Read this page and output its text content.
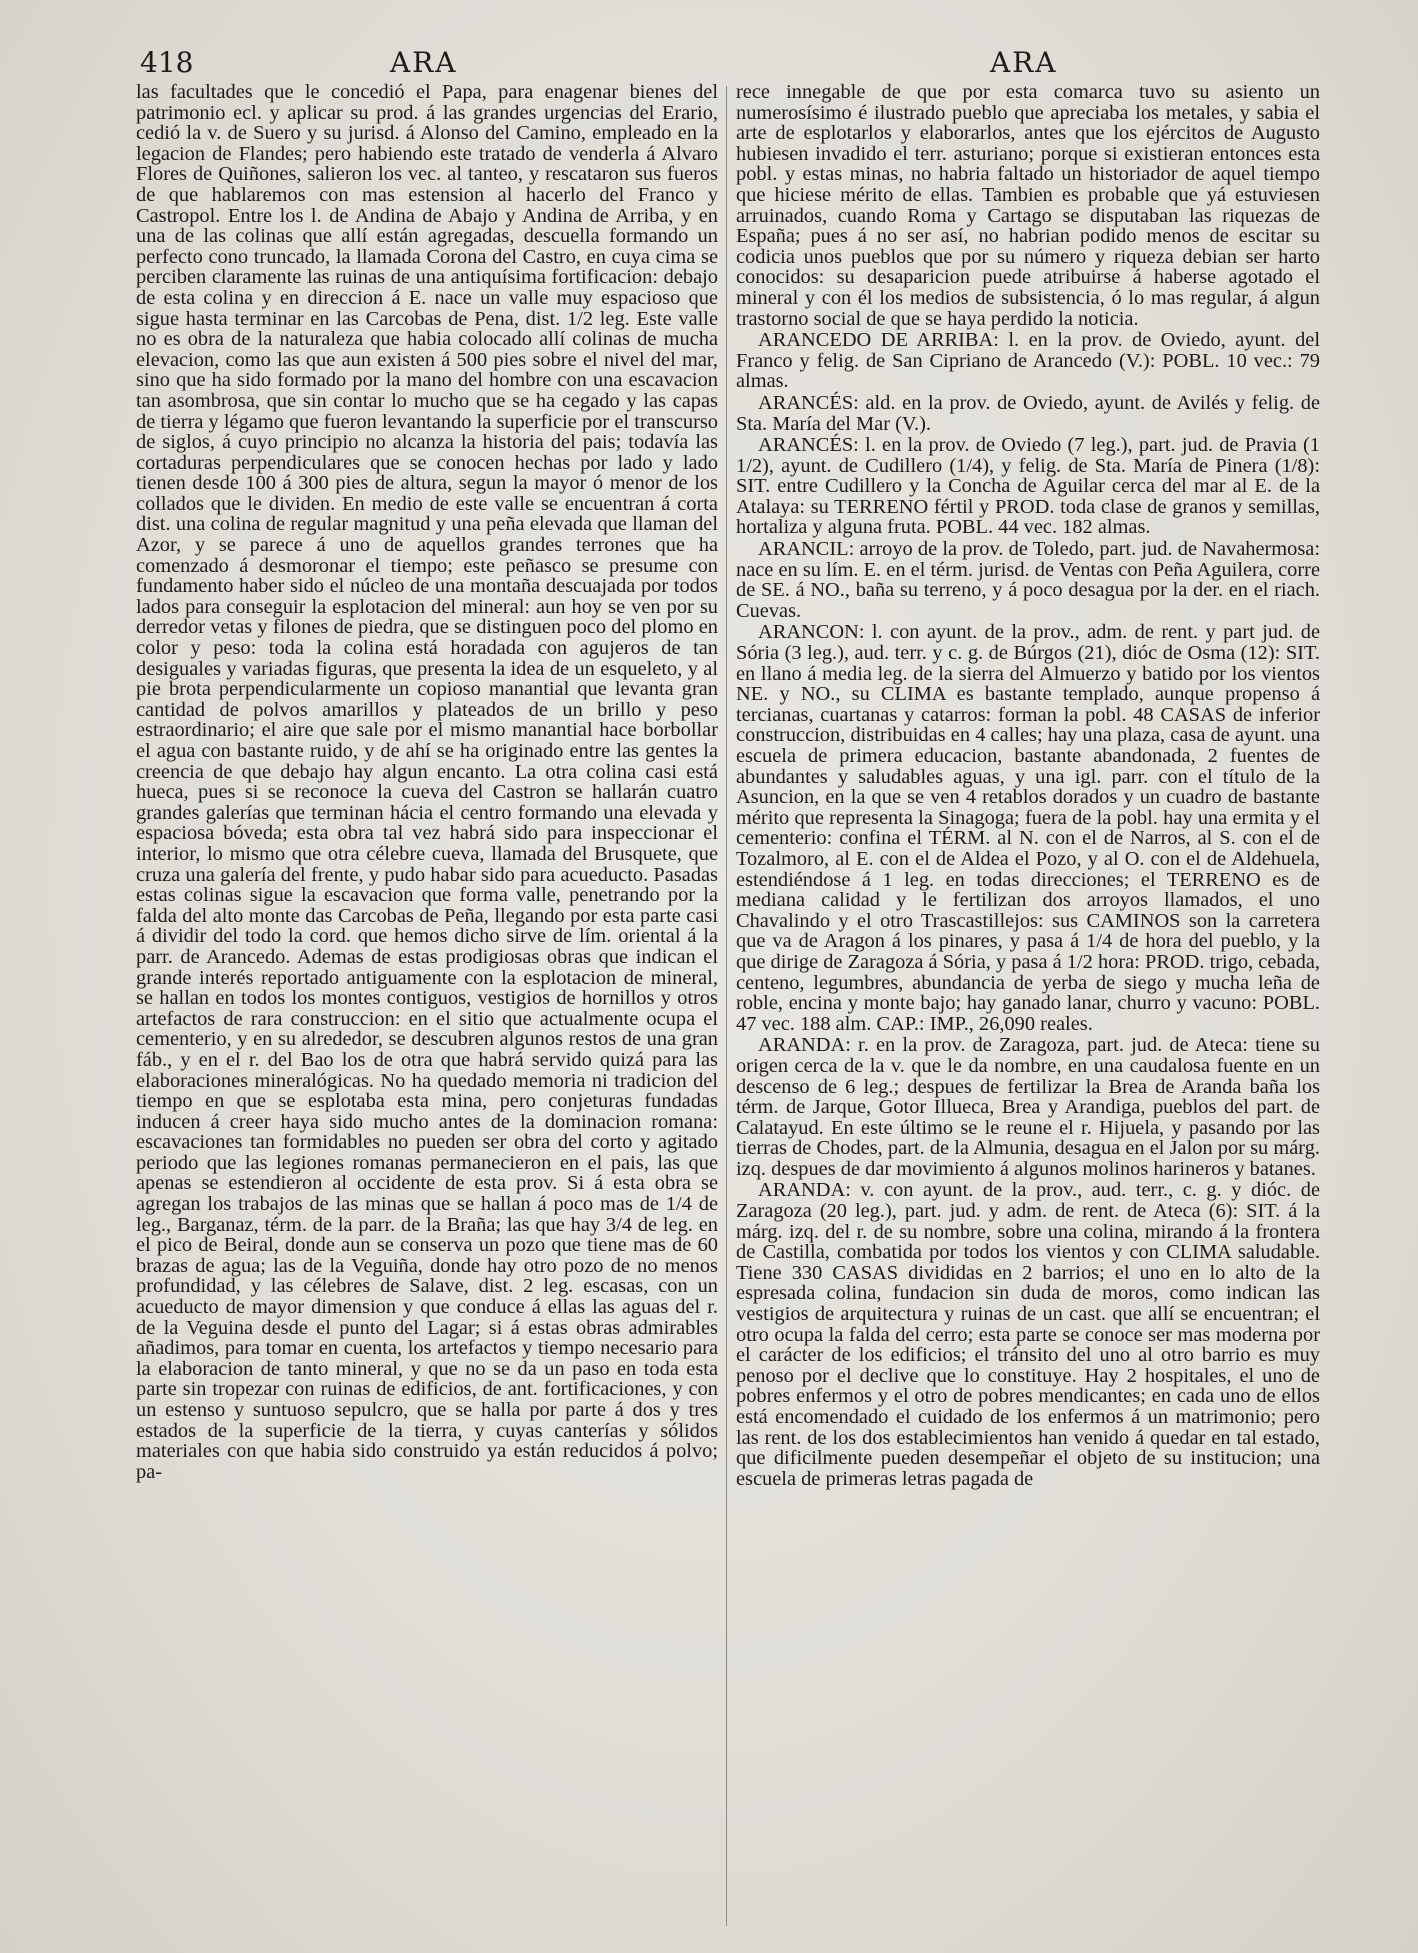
418	ARA	ARA

las facultades que le concedió el Papa, para enagenar bienes del patrimonio ecl. y aplicar su prod. á las grandes urgencias del Erario, cedió la v. de Suero y su jurisd. á Alonso del Camino, empleado en la legacion de Flandes; pero habiendo este tratado de venderla á Alvaro Flores de Quiñones, salieron los vec. al tanteo, y rescataron sus fueros de que hablaremos con mas estension al hacerlo del Franco y Castropol. Entre los l. de Andina de Abajo y Andina de Arriba, y en una de las colinas que allí están agregadas, descuella formando un perfecto cono truncado, la llamada Corona del Castro, en cuya cima se perciben claramente las ruinas de una antiquísima fortificacion: debajo de esta colina y en direccion á E. nace un valle muy espacioso que sigue hasta terminar en las Carcobas de Pena, dist. 1/2 leg. Este valle no es obra de la naturaleza que habia colocado allí colinas de mucha elevacion, como las que aun existen á 500 pies sobre el nivel del mar, sino que ha sido formado por la mano del hombre con una escavacion tan asombrosa, que sin contar lo mucho que se ha cegado y las capas de tierra y légamo que fueron levantando la superficie por el transcurso de siglos, á cuyo principio no alcanza la historia del pais; todavía las cortaduras perpendiculares que se conocen hechas por lado y lado tienen desde 100 á 300 pies de altura, segun la mayor ó menor de los collados que le dividen. En medio de este valle se encuentran á corta dist. una colina de regular magnitud y una peña elevada que llaman del Azor, y se parece á uno de aquellos grandes terrones que ha comenzado á desmoronar el tiempo; este peñasco se presume con fundamento haber sido el núcleo de una montaña descuajada por todos lados para conseguir la esplotacion del mineral: aun hoy se ven por su derredor vetas y filones de piedra, que se distinguen poco del plomo en color y peso: toda la colina está horadada con agujeros de tan desiguales y variadas figuras, que presenta la idea de un esqueleto, y al pie brota perpendicularmente un copioso manantial que levanta gran cantidad de polvos amarillos y plateados de un brillo y peso estraordinario; el aire que sale por el mismo manantial hace borbollar el agua con bastante ruido, y de ahí se ha originado entre las gentes la creencia de que debajo hay algun encanto. La otra colina casi está hueca, pues si se reconoce la cueva del Castron se hallarán cuatro grandes galerías que terminan hácia el centro formando una elevada y espaciosa bóveda; esta obra tal vez habrá sido para inspeccionar el interior, lo mismo que otra célebre cueva, llamada del Brusquete, que cruza una galería del frente, y pudo habar sido para acueducto. Pasadas estas colinas sigue la escavacion que forma valle, penetrando por la falda del alto monte das Carcobas de Peña, llegando por esta parte casi á dividir del todo la cord. que hemos dicho sirve de lím. oriental á la parr. de Arancedo. Ademas de estas prodigiosas obras que indican el grande interés reportado antiguamente con la esplotacion de mineral, se hallan en todos los montes contiguos, vestigios de hornillos y otros artefactos de rara construccion: en el sitio que actualmente ocupa el cementerio, y en su alrededor, se descubren algunos restos de una gran fáb., y en el r. del Bao los de otra que habrá servido quizá para las elaboraciones mineralógicas. No ha quedado memoria ni tradicion del tiempo en que se esplotaba esta mina, pero conjeturas fundadas inducen á creer haya sido mucho antes de la dominacion romana: escavaciones tan formidables no pueden ser obra del corto y agitado periodo que las legiones romanas permanecieron en el pais, las que apenas se estendieron al occidente de esta prov. Si á esta obra se agregan los trabajos de las minas que se hallan á poco mas de 1/4 de leg., Barganaz, térm. de la parr. de la Braña; las que hay 3/4 de leg. en el pico de Beiral, donde aun se conserva un pozo que tiene mas de 60 brazas de agua; las de la Veguiña, donde hay otro pozo de no menos profundidad, y las célebres de Salave, dist. 2 leg. escasas, con un acueducto de mayor dimension y que conduce á ellas las aguas del r. de la Veguina desde el punto del Lagar; si á estas obras admirables añadimos, para tomar en cuenta, los artefactos y tiempo necesario para la elaboracion de tanto mineral, y que no se da un paso en toda esta parte sin tropezar con ruinas de edificios, de ant. fortificaciones, y con un estenso y suntuoso sepulcro, que se halla por parte á dos y tres estados de la superficie de la tierra, y cuyas canterías y sólidos materiales con que habia sido construido ya están reducidos á polvo; pa-

rece innegable de que por esta comarca tuvo su asiento un numerosísimo é ilustrado pueblo que apreciaba los metales, y sabia el arte de esplotarlos y elaborarlos, antes que los ejércitos de Augusto hubiesen invadido el terr. asturiano; porque si existieran entonces esta pobl. y estas minas, no habria faltado un historiador de aquel tiempo que hiciese mérito de ellas. Tambien es probable que yá estuviesen arruinados, cuando Roma y Cartago se disputaban las riquezas de España; pues á no ser así, no habrian podido menos de escitar su codicia unos pueblos que por su número y riqueza debian ser harto conocidos: su desaparicion puede atribuirse á haberse agotado el mineral y con él los medios de subsistencia, ó lo mas regular, á algun trastorno social de que se haya perdido la noticia.

ARANCEDO DE ARRIBA: l. en la prov. de Oviedo, ayunt. del Franco y felig. de San Cipriano de Arancedo (V.): POBL. 10 vec.: 79 almas.

ARANCÉS: ald. en la prov. de Oviedo, ayunt. de Avilés y felig. de Sta. María del Mar (V.).

ARANCÉS: l. en la prov. de Oviedo (7 leg.), part. jud. de Pravia (1 1/2), ayunt. de Cudillero (1/4), y felig. de Sta. María de Pinera (1/8): SIT. entre Cudillero y la Concha de Aguilar cerca del mar al E. de la Atalaya: su TERRENO fértil y PROD. toda clase de granos y semillas, hortaliza y alguna fruta. POBL. 44 vec. 182 almas.

ARANCIL: arroyo de la prov. de Toledo, part. jud. de Navahermosa: nace en su lím. E. en el térm. jurisd. de Ventas con Peña Aguilera, corre de SE. á NO., baña su terreno, y á poco desagua por la der. en el riach. Cuevas.

ARANCON: l. con ayunt. de la prov., adm. de rent. y part jud. de Sória (3 leg.), aud. terr. y c. g. de Búrgos (21), dióc de Osma (12): SIT. en llano á media leg. de la sierra del Almuerzo y batido por los vientos NE. y NO., su CLIMA es bastante templado, aunque propenso á tercianas, cuartanas y catarros: forman la pobl. 48 CASAS de inferior construccion, distribuidas en 4 calles; hay una plaza, casa de ayunt. una escuela de primera educacion, bastante abandonada, 2 fuentes de abundantes y saludables aguas, y una igl. parr. con el título de la Asuncion, en la que se ven 4 retablos dorados y un cuadro de bastante mérito que representa la Sinagoga; fuera de la pobl. hay una ermita y el cementerio: confina el TÉRM. al N. con el de Narros, al S. con el de Tozalmoro, al E. con el de Aldea el Pozo, y al O. con el de Aldehuela, estendiéndose á 1 leg. en todas direcciones; el TERRENO es de mediana calidad y le fertilizan dos arroyos llamados, el uno Chavalindo y el otro Trascastillejos: sus CAMINOS son la carretera que va de Aragon á los pinares, y pasa á 1/4 de hora del pueblo, y la que dirige de Zaragoza á Sória, y pasa á 1/2 hora: PROD. trigo, cebada, centeno, legumbres, abundancia de yerba de siego y mucha leña de roble, encina y monte bajo; hay ganado lanar, churro y vacuno: POBL. 47 vec. 188 alm. CAP.: IMP., 26,090 reales.

ARANDA: r. en la prov. de Zaragoza, part. jud. de Ateca: tiene su origen cerca de la v. que le da nombre, en una caudalosa fuente en un descenso de 6 leg.; despues de fertilizar la Brea de Aranda baña los térm. de Jarque, Gotor Illueca, Brea y Arandiga, pueblos del part. de Calatayud. En este último se le reune el r. Hijuela, y pasando por las tierras de Chodes, part. de la Almunia, desagua en el Jalon por su márg. izq. despues de dar movimiento á algunos molinos harineros y batanes.

ARANDA: v. con ayunt. de la prov., aud. terr., c. g. y dióc. de Zaragoza (20 leg.), part. jud. y adm. de rent. de Ateca (6): SIT. á la márg. izq. del r. de su nombre, sobre una colina, mirando á la frontera de Castilla, combatida por todos los vientos y con CLIMA saludable. Tiene 330 CASAS divididas en 2 barrios; el uno en lo alto de la espresada colina, fundacion sin duda de moros, como indican las vestigios de arquitectura y ruinas de un cast. que allí se encuentran; el otro ocupa la falda del cerro; esta parte se conoce ser mas moderna por el carácter de los edificios; el tránsito del uno al otro barrio es muy penoso por el declive que lo constituye. Hay 2 hospitales, el uno de pobres enfermos y el otro de pobres mendicantes; en cada uno de ellos está encomendado el cuidado de los enfermos á un matrimonio; pero las rent. de los dos establecimientos han venido á quedar en tal estado, que dificilmente pueden desempeñar el objeto de su institucion; una escuela de primeras letras pagada de
